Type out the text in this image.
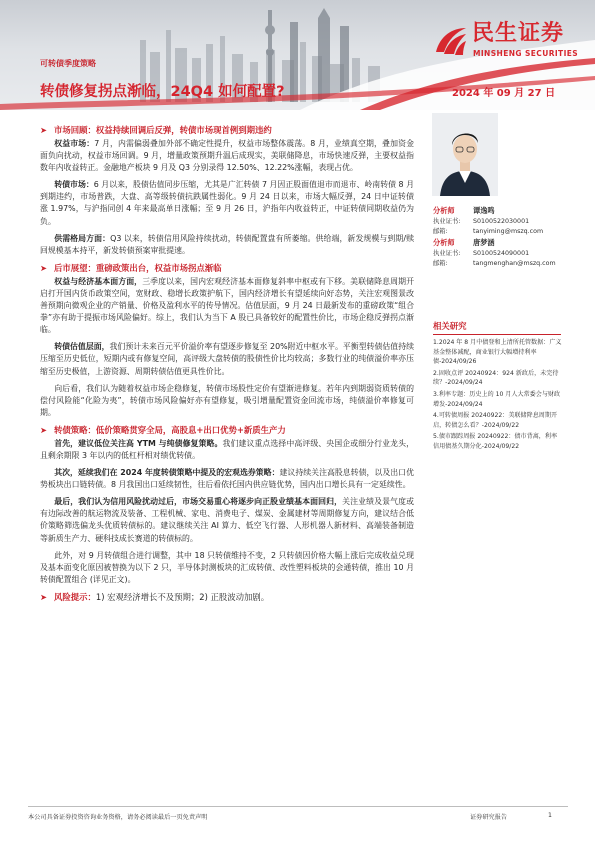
民生证券
MINSHENG SECURITIES
可转债季度策略
转债修复拐点渐临，24Q4 如何配置?	2024 年 09 月 27 日
➤ 市场回顾：权益持续回调后反弹，转债市场现首例到期违约
权益市场：7 月，内需偏弱叠加外部不确定性提升，权益市场整体震荡。8 月，业绩真空期，叠加资金面负向扰动，权益市场回调。9 月，增量政策预期升温后成现实，美联储降息，市场快速反弹，主要权益指数年内收益转正。金融地产板块 9 月及 Q3 分别录得 12.50%、12.22%涨幅，表现占优。
转债市场：6 月以来，股债估值同步压缩，尤其是广汇转债 7 月因正股面值退市而退市、岭南转债 8 月到期违约，市场普跌，大盘、高等级转债抗跌属性弱化。9 月 24 日以来，市场大幅反弹，24 日中证转债涨 1.97%，与沪指同创 4 年来最高单日涨幅；至 9 月 26 日，沪指年内收益转正，中证转债同期收益仍为负。
供需格局方面：Q3 以来，转债信用风险持续扰动，转债配置盘有所萎缩。供给端，新发规模与到期/赎回规模基本持平，新发转债预案审批提速。
➤ 后市展望：重磅政策出台，权益市场拐点渐临
权益与经济基本面方面，三季度以来，国内宏观经济基本面修复斜率中枢或有下移。美联储降息周期开启打开国内货币政策空间，宽财政、稳增长政策护航下，国内经济增长有望延续向好态势，关注宏观图景改善预期向微观企业的产销量、价格及盈利水平的传导情况。估值层面，9 月 24 日最新发布的重磅政策“组合拳”亦有助于提振市场风险偏好。综上，我们认为当下 A 股已具备较好的配置性价比，市场企稳反弹拐点渐临。
转债估值层面，我们预计未来百元平价溢价率有望逐步修复至 20%附近中枢水平。平衡型转债估值持续压缩至历史低位，短期内或有修复空间，高评级大盘转债的股债性价比均较高；多数行业的纯债溢价率亦压缩至历史极值，上游资源、周期转债估值更具性价比。
向后看，我们认为随着权益市场企稳修复，转债市场股性定价有望渐进修复。若年内到期弱资质转债的偿付风险能“化险为夷”，转债市场风险偏好亦有望修复，吸引增量配置资金回流市场，纯债溢价率修复可期。
➤ 转债策略：低价策略贯穿全局，高股息+出口优势+新质生产力
首先，建议低位关注高 YTM 与纯债修复策略。我们建议重点选择中高评级、央国企或细分行业龙头，且剩余期限 3 年以内的低杠杆相对绩优转债。
其次，延续我们在 2024 年度转债策略中提及的宏观选券策略：建议持续关注高股息转债，以及出口优势板块出口链转债。8 月我国出口延续韧性，往后看依托国内供应链优势，国内出口增长具有一定延续性。
最后，我们认为信用风险扰动过后，市场交易重心将逐步向正股业绩基本面回归，关注业绩及景气度或有边际改善的航运物流及装备、工程机械、家电、消费电子、煤炭、金属建材等周期修复方向，建议结合低价策略筛选偏龙头优质转债标的。建议继续关注 AI 算力、低空飞行器、人形机器人新材料、高端装备制造等新质生产力、硬科技成长赛道的转债标的。
此外，对 9 月转债组合进行调整，其中 18 只转债维持不变，2 只转债因价格大幅上涨后完成收益兑现及基本面变化原因被替换为以下 2 只，半导体封测板块的汇成转债、改性塑料板块的会通转债，推出 10 月转债配置组合 (详见正文)。
➤ 风险提示：1) 宏观经济增长不及预期；2) 正股波动加剧。
分析师	谭逸鸣
执业证书: S0100522030001
邮箱:	tanyiming@mszq.com
分析师	唐梦涵
执业证书: S0100524090001
邮箱:	tangmenghan@mszq.com
相关研究
1.2024 年 8 月中债登和上清所托管数据：广义基金整体减配，商业银行大幅增持利率债-2024/09/26
2.固收点评 20240924：924 新政后，未完待续？-2024/09/24
3.利率专题：历史上的 10 月人大常委会与财政增发-2024/09/24
4.可转债周报 20240922：美联储降息周期开启，转债怎么看？-2024/09/22
5.债市跟踪周报 20240922：债市背离，利率信用债基久期分化-2024/09/22
本公司具备证券投资咨询业务资格，请务必阅读最后一页免责声明	证券研究报告	1
